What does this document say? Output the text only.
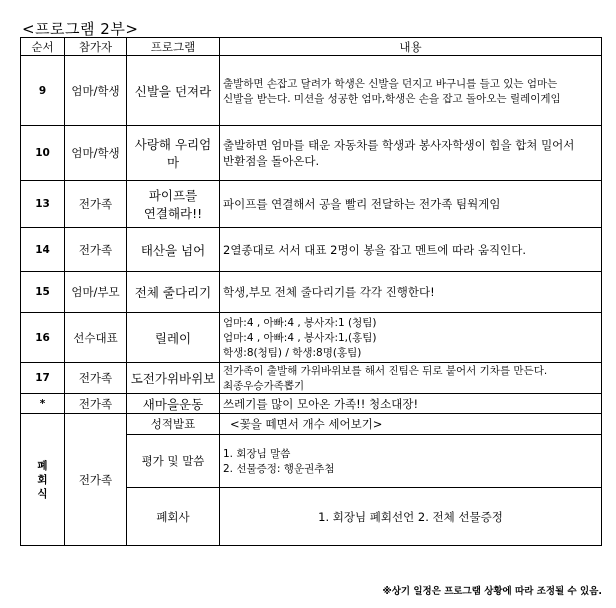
<프로그램 2부>
순서	참가자	프로그램	내용
9	엄마/학생	신발을 던져라	출발하면 손잡고 달려가 학생은 신발을 던지고 바구니를 들고 있는 엄마는
신발을 받는다. 미션을 성공한 엄마,학생은 손을 잡고 돌아오는 릴레이게임

10	엄마/학생	사랑해 우리엄마	출발하면 엄마를 태운 자동차를 학생과 봉사자학생이 힘을 합쳐 밀어서
반환점을 돌아온다.

13	전가족	파이프를
연결해라!!	파이프를 연결해서 공을 빨리 전달하는 전가족 팀웍게임
14	전가족	태산을 넘어	2열종대로 서서 대표 2명이 봉을 잡고 멘트에 따라 움직인다.
15	엄마/부모	전체 줄다리기	학생,부모 전체 줄다리기를 각각 진행한다!
16	선수대표	릴레이	엄마:4 , 아빠:4 , 봉사자:1 (청팀)
엄마:4 , 아빠:4 , 봉사자:1,(홍팀)
학생:8(청팀) / 학생:8명(홍팀)

17	전가족	도전가위바위보	전가족이 출발해 가위바위보를 해서 진팀은 뒤로 붙어서 기차를 만든다.
최종우승가족뽑기

*	전가족	새마을운동	쓰레기를 많이 모아온 가족!! 청소대장!

폐
회
식	전가족	성적발표	<꽃을 떼면서 개수 세어보기>
		평가 및 말씀	1. 회장님 말씀
2. 선물증정: 행운권추첨

		폐회사	1. 회장님 폐회선언 2. 전체 선물증정
※상기 일정은 프로그램 상황에 따라 조정될 수 있음.
